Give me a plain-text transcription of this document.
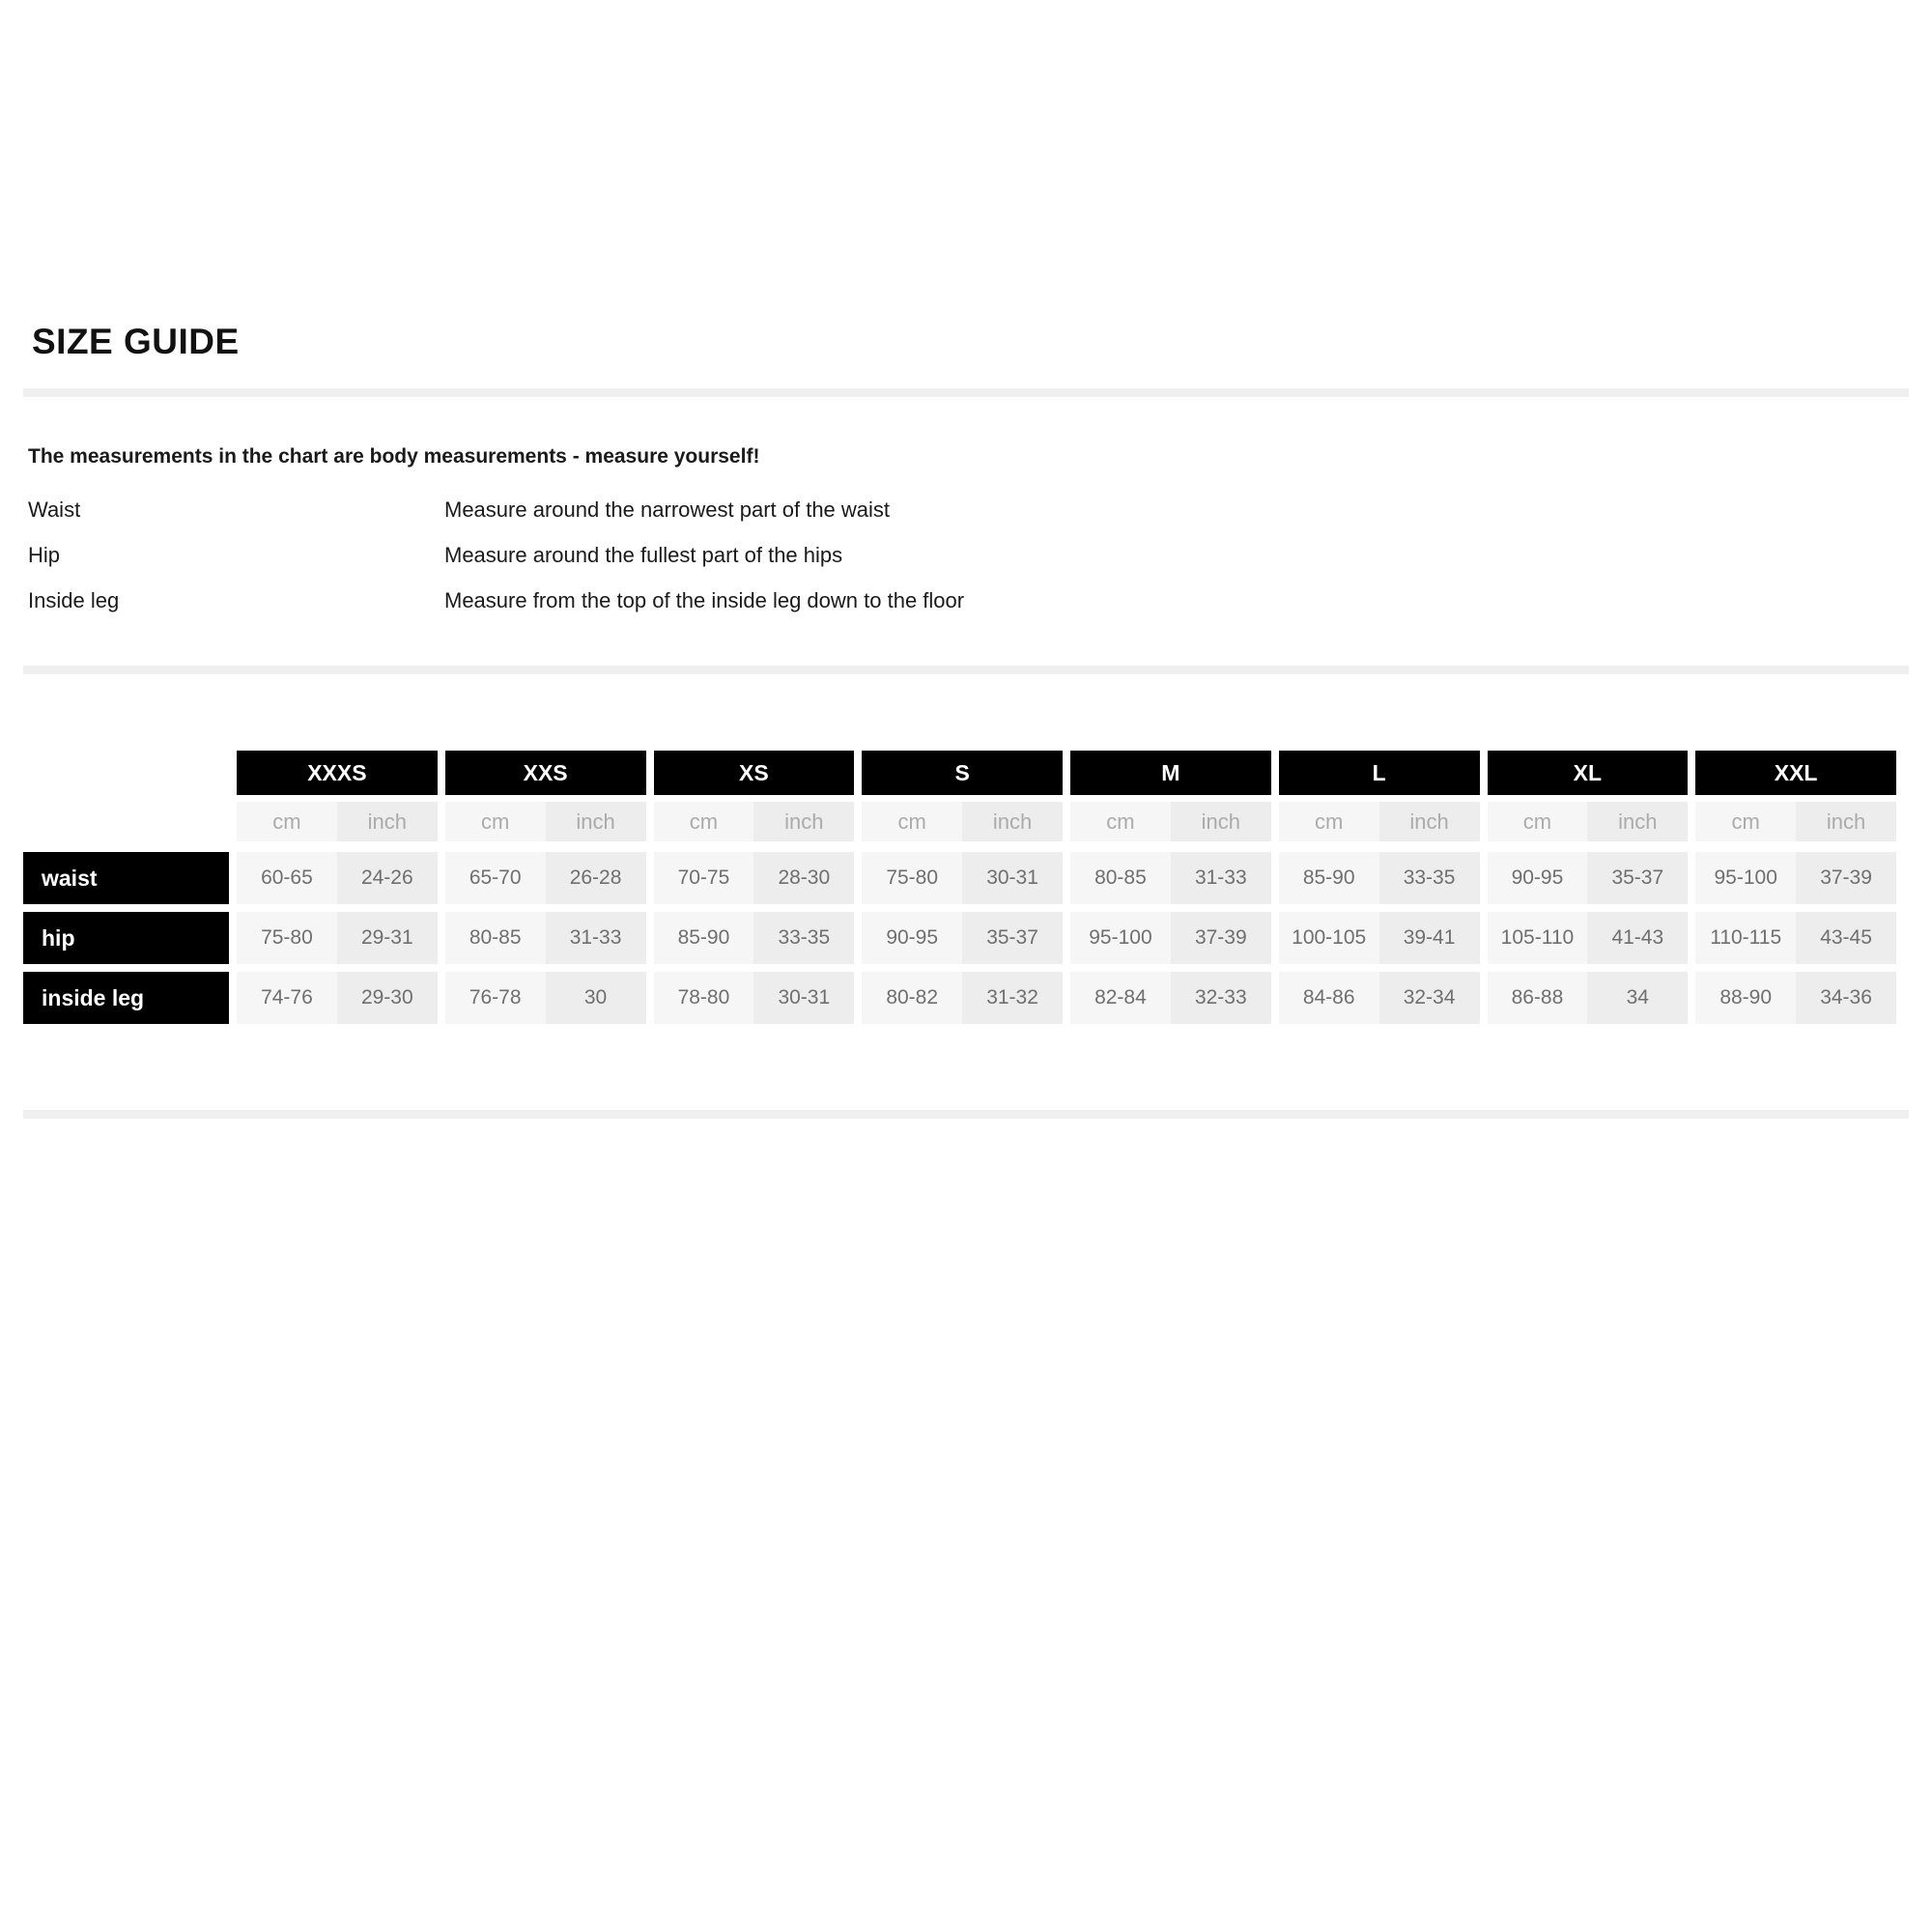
SIZE GUIDE

The measurements in the chart are body measurements - measure yourself!

Waist	Measure around the narrowest part of the waist
Hip	Measure around the fullest part of the hips
Inside leg	Measure from the top of the inside leg down to the floor
XXXS	XXS	XS	S	M	L	XL	XXL
cm	inch	cm	inch	cm	inch	cm	inch	cm	inch	cm	inch	cm	inch	cm	inch
waist	60-65	24-26	65-70	26-28	70-75	28-30	75-80	30-31	80-85	31-33	85-90	33-35	90-95	35-37	95-100	37-39
hip	75-80	29-31	80-85	31-33	85-90	33-35	90-95	35-37	95-100	37-39	100-105	39-41	105-110	41-43	110-115	43-45
inside leg	74-76	29-30	76-78	30	78-80	30-31	80-82	31-32	82-84	32-33	84-86	32-34	86-88	34	88-90	34-36
